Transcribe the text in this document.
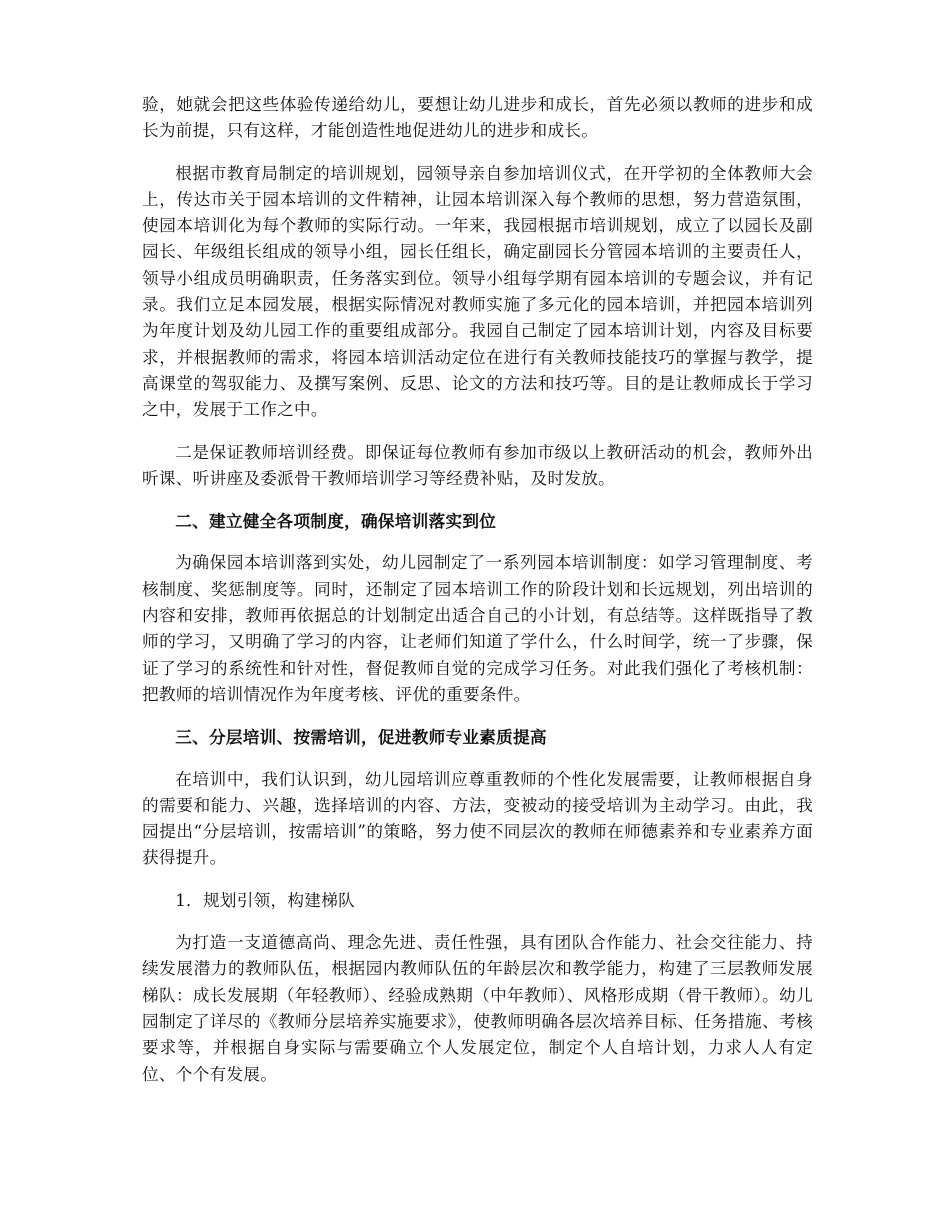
验，她就会把这些体验传递给幼儿，要想让幼儿进步和成长，首先必须以教师的进步和成长为前提，只有这样，才能创造性地促进幼儿的进步和成长。

根据市教育局制定的培训规划，园领导亲自参加培训仪式，在开学初的全体教师大会上，传达市关于园本培训的文件精神，让园本培训深入每个教师的思想，努力营造氛围，使园本培训化为每个教师的实际行动。一年来，我园根据市培训规划，成立了以园长及副园长、年级组长组成的领导小组，园长任组长，确定副园长分管园本培训的主要责任人，领导小组成员明确职责，任务落实到位。领导小组每学期有园本培训的专题会议，并有记录。我们立足本园发展，根据实际情况对教师实施了多元化的园本培训，并把园本培训列为年度计划及幼儿园工作的重要组成部分。我园自己制定了园本培训计划，内容及目标要求，并根据教师的需求，将园本培训活动定位在进行有关教师技能技巧的掌握与教学，提高课堂的驾驭能力、及撰写案例、反思、论文的方法和技巧等。目的是让教师成长于学习之中，发展于工作之中。

二是保证教师培训经费。即保证每位教师有参加市级以上教研活动的机会，教师外出听课、听讲座及委派骨干教师培训学习等经费补贴，及时发放。

二、建立健全各项制度，确保培训落实到位

为确保园本培训落到实处，幼儿园制定了一系列园本培训制度：如学习管理制度、考核制度、奖惩制度等。同时，还制定了园本培训工作的阶段计划和长远规划，列出培训的内容和安排，教师再依据总的计划制定出适合自己的小计划，有总结等。这样既指导了教师的学习，又明确了学习的内容，让老师们知道了学什么，什么时间学，统一了步骤，保证了学习的系统性和针对性，督促教师自觉的完成学习任务。对此我们强化了考核机制：把教师的培训情况作为年度考核、评优的重要条件。

三、分层培训、按需培训，促进教师专业素质提高

在培训中，我们认识到，幼儿园培训应尊重教师的个性化发展需要，让教师根据自身的需要和能力、兴趣，选择培训的内容、方法，变被动的接受培训为主动学习。由此，我园提出“分层培训，按需培训”的策略，努力使不同层次的教师在师德素养和专业素养方面获得提升。

1．规划引领，构建梯队

为打造一支道德高尚、理念先进、责任性强，具有团队合作能力、社会交往能力、持续发展潜力的教师队伍，根据园内教师队伍的年龄层次和教学能力，构建了三层教师发展梯队：成长发展期（年轻教师）、经验成熟期（中年教师）、风格形成期（骨干教师）。幼儿园制定了详尽的《教师分层培养实施要求》，使教师明确各层次培养目标、任务措施、考核要求等，并根据自身实际与需要确立个人发展定位，制定个人自培计划，力求人人有定位、个个有发展。
